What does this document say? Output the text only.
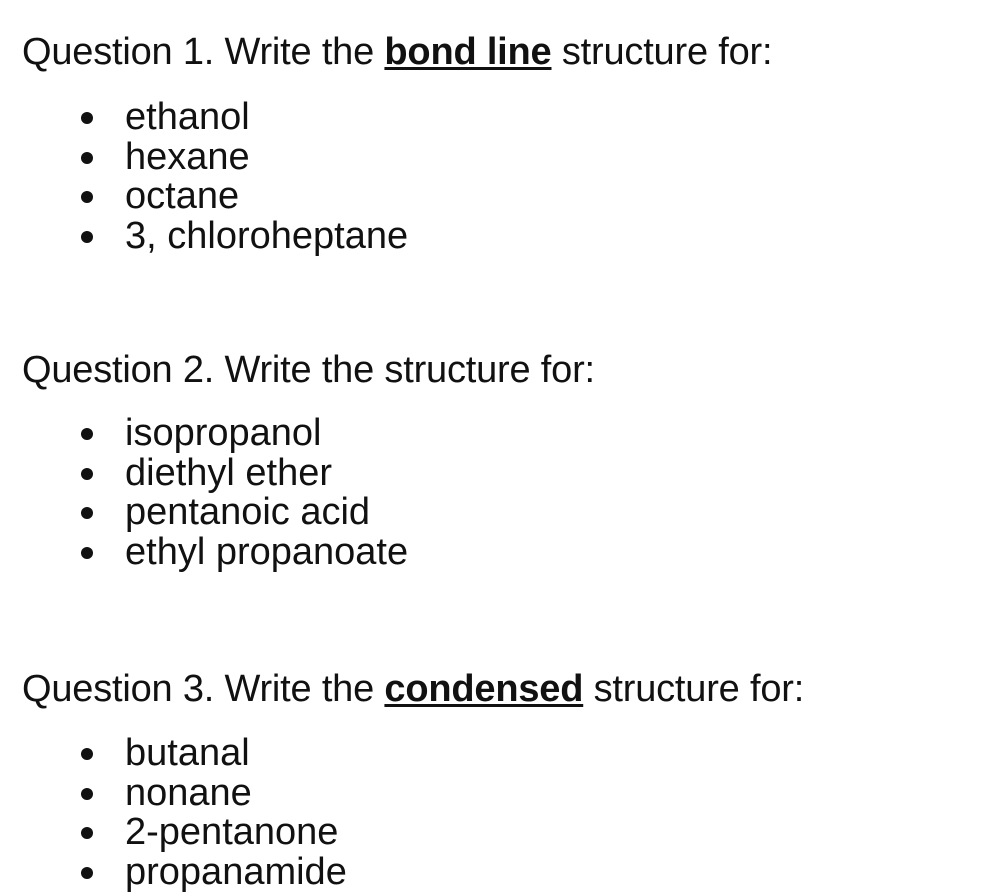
Question 1. Write the bond line structure for:
ethanol
hexane
octane
3, chloroheptane
Question 2. Write the structure for:
isopropanol
diethyl ether
pentanoic acid
ethyl propanoate
Question 3. Write the condensed structure for:
butanal
nonane
2-pentanone
propanamide
